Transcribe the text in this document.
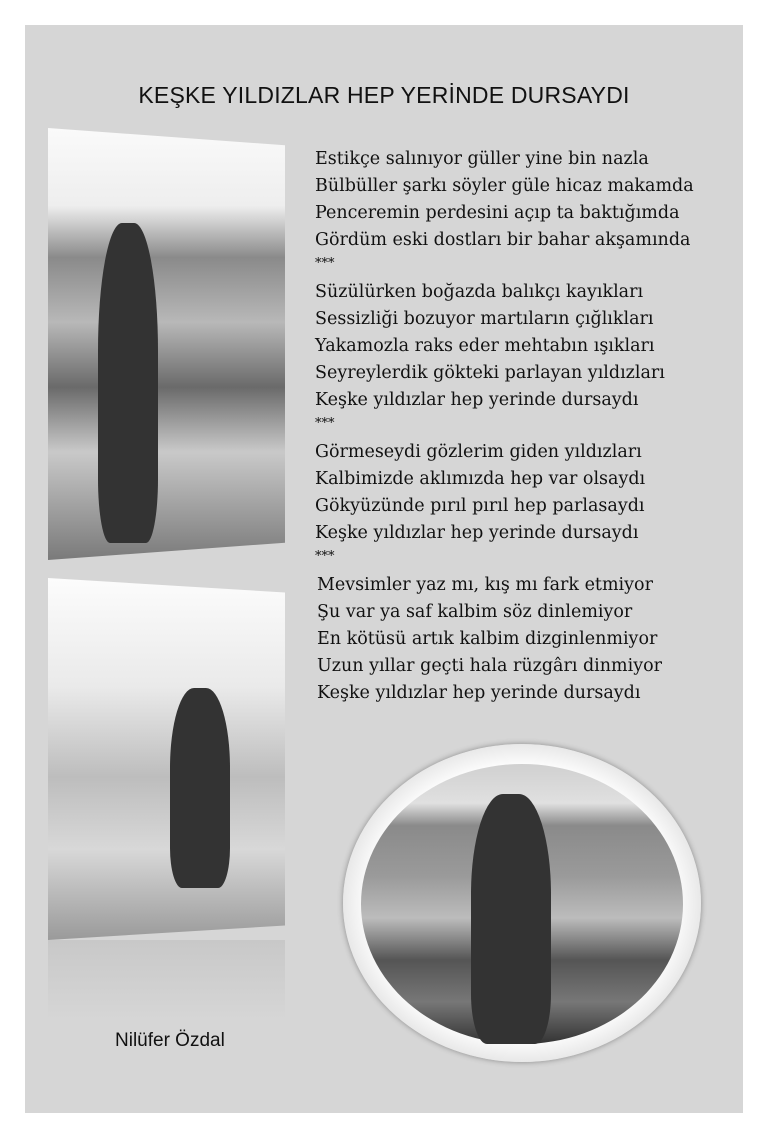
KEŞKE YILDIZLAR HEP YERİNDE DURSAYDI
Estikçe salınıyor güller yine bin nazla
Bülbüller şarkı söyler güle hicaz makamda
Penceremin perdesini açıp ta baktığımda
Gördüm eski dostları bir bahar akşamında
***
Süzülürken boğazda balıkçı kayıkları
Sessizliği bozuyor martıların çığlıkları
Yakamozla raks eder mehtabın ışıkları
Seyreylerdik gökteki parlayan yıldızları
Keşke yıldızlar hep yerinde dursaydı
***
Görmeseydi gözlerim giden yıldızları
Kalbimizde aklımızda hep var olsaydı
Gökyüzünde pırıl pırıl hep parlasaydı
Keşke yıldızlar hep yerinde dursaydı
***
Mevsimler yaz mı, kış mı fark etmiyor
Şu var ya saf kalbim söz dinlemiyor
En kötüsü artık kalbim dizginlenmiyor
Uzun yıllar geçti hala rüzgârı dinmiyor
Keşke yıldızlar hep yerinde dursaydı
Nilüfer Özdal
